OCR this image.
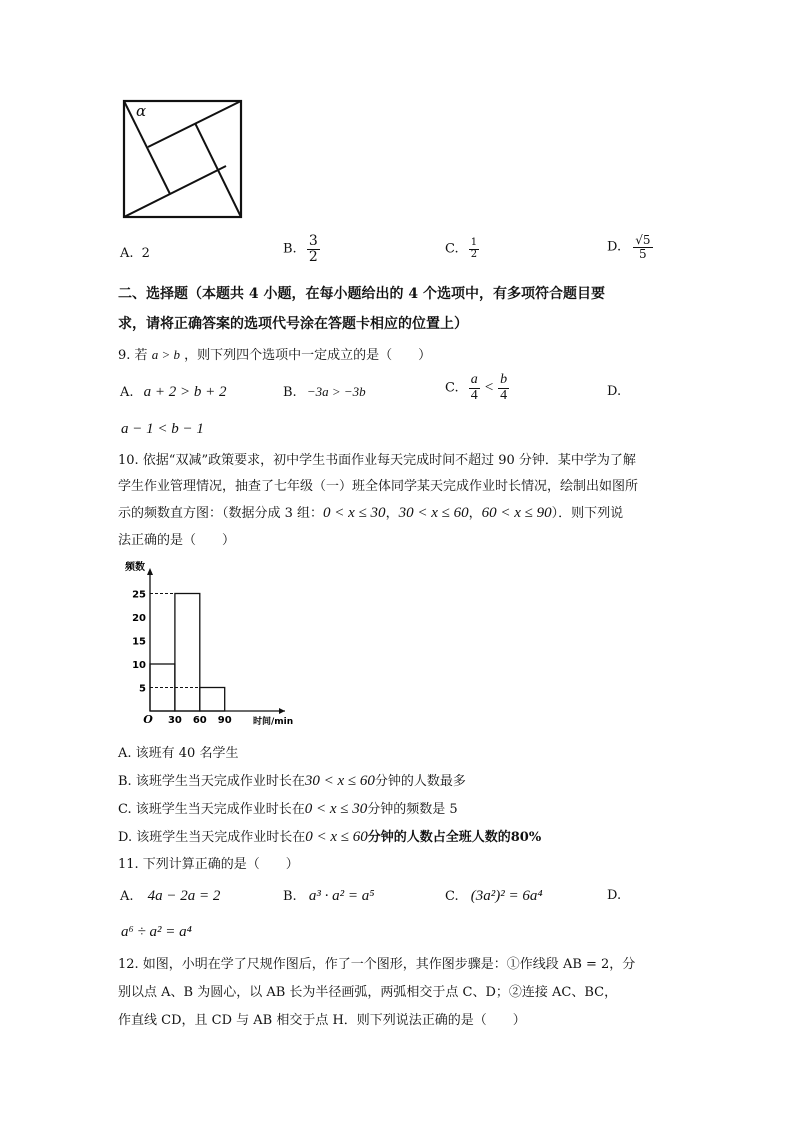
α
A. 2	B. $\frac{3}{2}$	C. $\frac{1}{2}$	D. $\frac{√5}{5}$
二、选择题（本题共 4 小题，在每小题给出的 4 个选项中，有多项符合题目要
求，请将正确答案的选项代号涂在答题卡相应的位置上）
9. 若 a > b ，则下列四个选项中一定成立的是（　　）
A. a + 2 > b + 2	B. −3a > −3b	C. $\frac{a}{4} < \frac{b}{4}$	D.
a − 1 < b − 1
10. 依据“双减”政策要求，初中学生书面作业每天完成时间不超过 90 分钟．某中学为了解
学生作业管理情况，抽查了七年级（一）班全体同学某天完成作业时长情况，绘制出如图所
示的频数直方图：（数据分成 3 组：0 < x ≤ 30，30 < x ≤ 60，60 < x ≤ 90）．则下列说
法正确的是（　　）
5
10
15
20
25
30 60 90
O
频数
时间/min
A. 该班有 40 名学生
B. 该班学生当天完成作业时长在30 < x ≤ 60分钟的人数最多
C. 该班学生当天完成作业时长在0 < x ≤ 30分钟的频数是 5
D. 该班学生当天完成作业时长在0 < x ≤ 60分钟的人数占全班人数的80%
11. 下列计算正确的是（　　）
A. 4a − 2a = 2	B. a³ · a² = a⁵	C. (3a²)² = 6a⁴	D.
a⁶ ÷ a² = a⁴
12. 如图，小明在学了尺规作图后，作了一个图形，其作图步骤是：①作线段 AB = 2，分
别以点 A、B 为圆心，以 AB 长为半径画弧，两弧相交于点 C、D；②连接 AC、BC，
作直线 CD，且 CD 与 AB 相交于点 H．则下列说法正确的是（　　）
